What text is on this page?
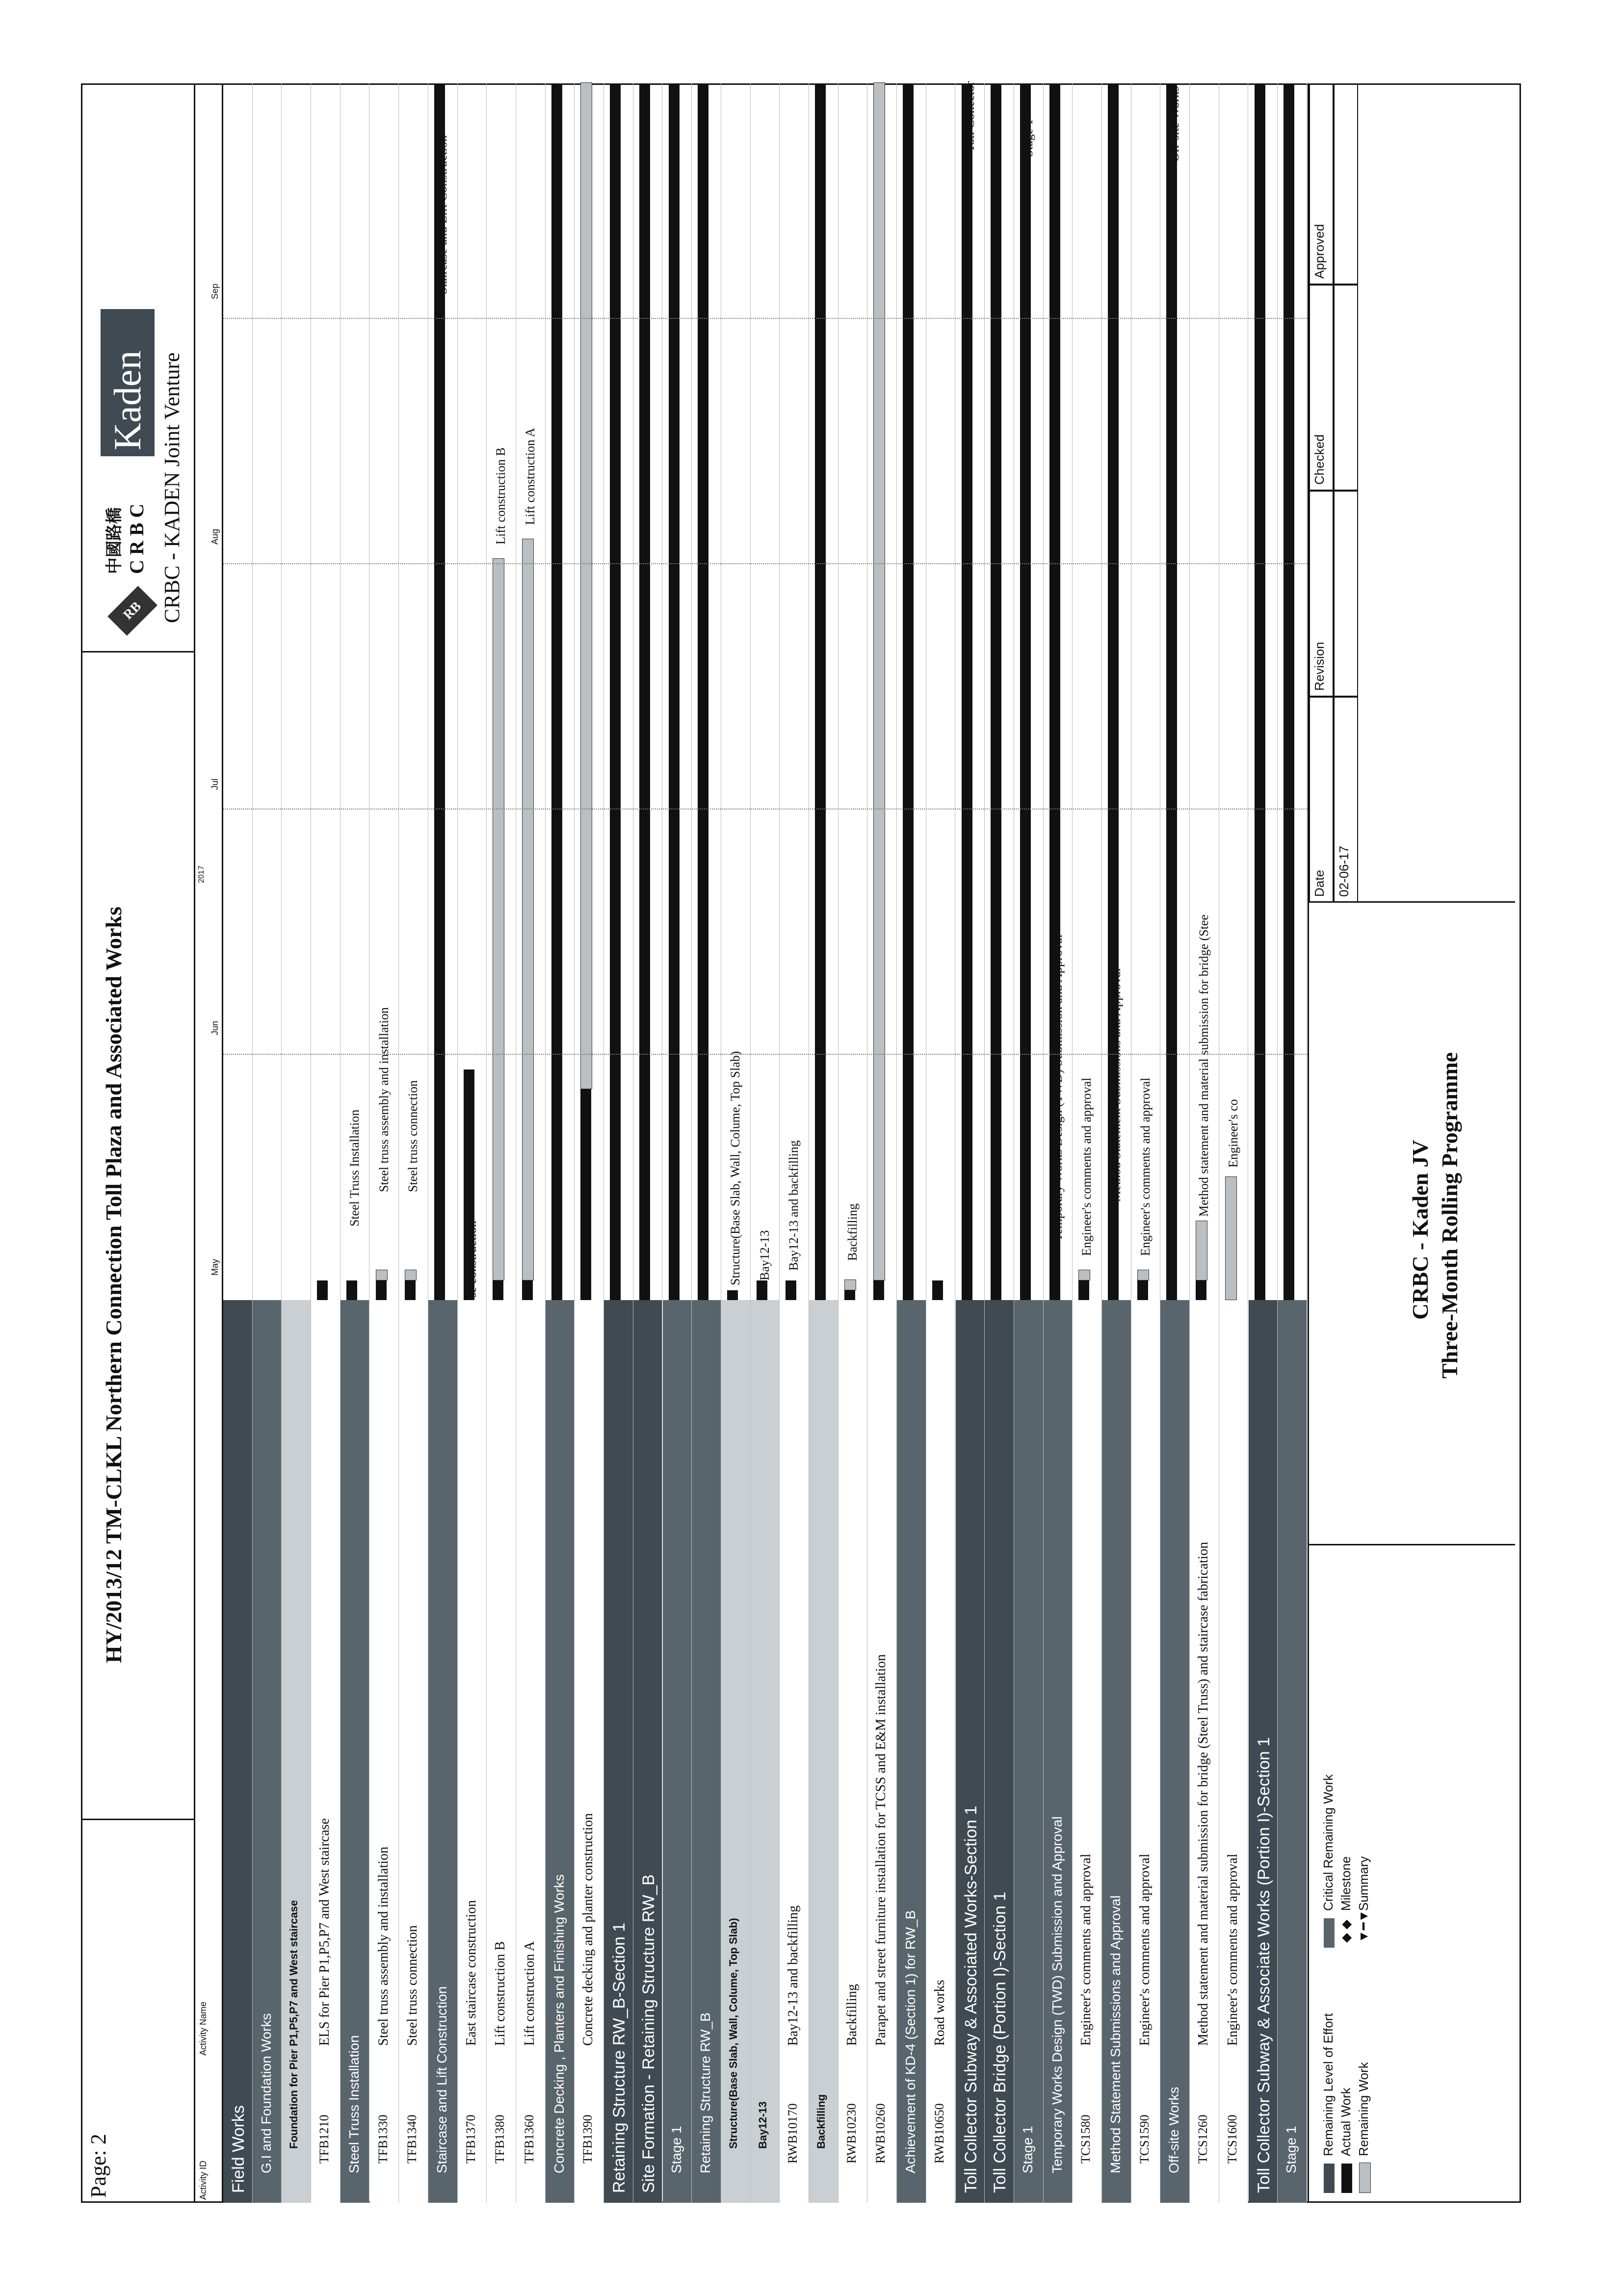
Page: 2
HY/2013/12 TM-CLKL Northern Connection Toll Plaza and Associated Works
RB
中國路橋 CRBC
Kaden CRBC - KADEN Joint Venture
Activity ID
Activity Name
2017
May
Jun
Jul
Aug
Sep
Field Works G.I and Foundation Works Foundation for Pier P1,P5,P7 and West staircase TFB1210
ELS for Pier P1,P5,P7 and West staircase
Steel Truss Installation
Steel Truss Installation
TFB1330
Steel truss assembly and installation
Steel truss assembly and installation
TFB1340
Steel truss connection
Steel truss connection
Staircase and Lift Construction
Staircase and Lift Construction
TFB1370
East staircase construction
se construction
TFB1380
Lift construction B
Lift construction B
TFB1360
Lift construction A
Lift construction A
Concrete Decking , Planters and Finishing Works TFB1390
Concrete decking and planter construction Retaining Structure RW_B-Section 1 Site Formation - Retaining Structure RW_B Stage 1 Retaining Structure RW_B Structure(Base Slab, Wall, Colume, Top Slab)
Structure(Base Slab, Wall, Colume, Top Slab)
Bay12-13
Bay12-13
RWB10170
Bay12-13 and backfilling
Bay12-13 and backfilling
Backfilling RWB10230
Backfilling
Backfilling
RWB10260
Parapet and street furniture installation for TCSS and E&M installation Achievement of KD-4 (Section 1) for RW_B RWB10650
Road works Toll Collector Subway & Associated Works-Section 1
Toll Collector
Toll Collector Bridge (Portion I)-Section 1 Stage 1
Stage 1
Temporary Works Design (TWD) Submission and Approval
Temporary Works Design (TWD) Submission and Approval
TCS1580
Engineer's comments and approval
Engineer's comments and approval
Method Statement Submissions and Approval
Method Statement Submissions and Approval
TCS1590
Engineer's comments and approval
Engineer's comments and approval
Off-site Works
Off-site Works
TCS1260
Method statement and material submission for bridge (Steel Truss) and staircase fabrication
Method statement and material submission for bridge (Stee
TCS1600
Engineer's comments and approval
Engineer's co
Toll Collector Subway & Associate Works (Portion I)-Section 1 Stage 1 Remaining Level of Effort Actual Work Remaining Work
Critical Remaining Work
◆ ◆
Milestone
▼━▼
Summary
CRBC - Kaden JV Three-Month Rolling Programme
Date
Revision
Checked
Approved
02-06-17
